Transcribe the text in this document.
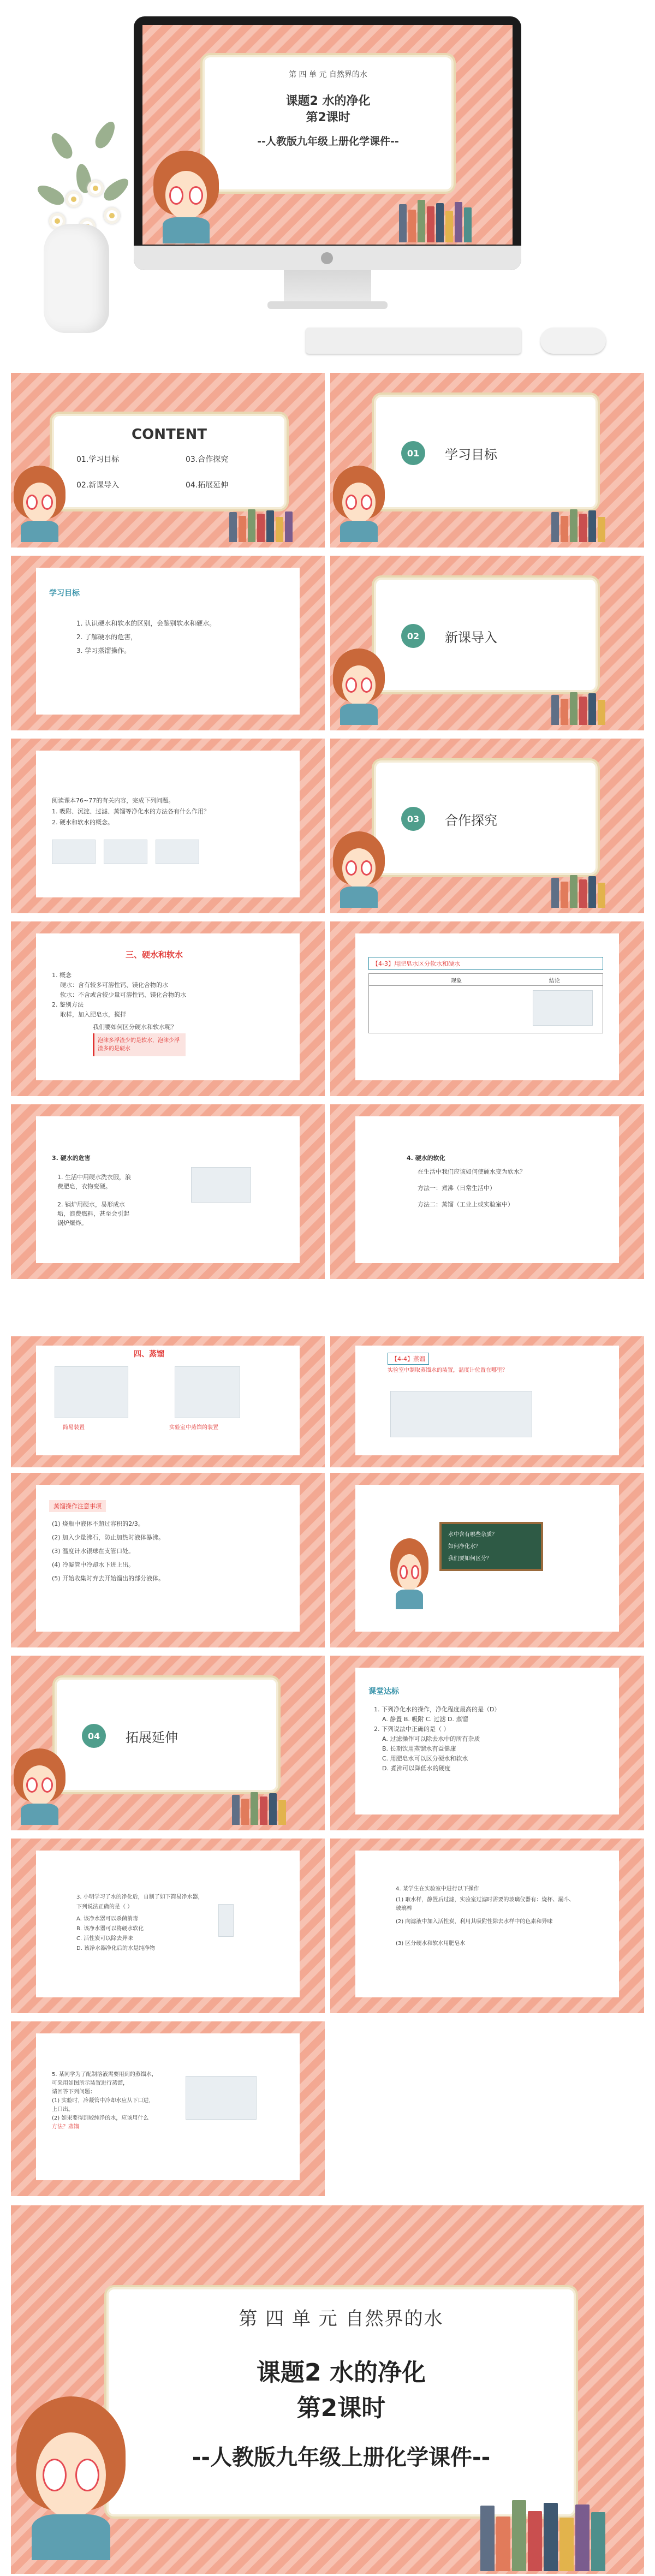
第 四 单 元 自然界的水
课题2 水的净化
第2课时
--人教版九年级上册化学课件--
CONTENT
01.学习目标	03.合作探究
02.新课导入	04.拓展延伸
01	学习目标
学习目标
1. 认识硬水和软水的区别，会鉴别软水和硬水。
2. 了解硬水的危害，
3. 学习蒸馏操作。
02	新课导入
阅读课本76~77的有关内容，完成下列问题。
1. 吸附、沉淀、过滤、蒸馏等净化水的方法各有什么作用？
2. 硬水和软水的概念。	03	合作探究
三、硬水和软水
1. 概念
硬水：含有较多可溶性钙、镁化合物的水
软水：不含或含较少量可溶性钙、镁化合物的水
2. 鉴别方法
取样，加入肥皂水，搅拌
我们要如何区分硬水和软水呢？
泡沫多浮渣少的是软水，泡沫少浮渣多的是硬水
【4-3】用肥皂水区分软水和硬水
现象	结论
3. 硬水的危害
1. 生活中用硬水洗衣服，浪费肥皂，衣物变硬。
2. 锅炉用硬水，易形成水垢，浪费燃料，甚至会引起锅炉爆炸。
4. 硬水的软化
在生活中我们应该如何使硬水变为软水？
方法一：煮沸（日常生活中）
方法二：蒸馏（工业上或实验室中）
四、蒸馏
简易装置	实验室中蒸馏的装置
【4-4】蒸馏
实验室中制取蒸馏水的装置，温度计位置在哪里？
蒸馏操作注意事项
(1) 烧瓶中液体不超过容积的2/3。
(2) 加入少量沸石，防止加热时液体暴沸。
(3) 温度计水银球在支管口处。
(4) 冷凝管中冷却水下进上出。
(5) 开始收集时弃去开始馏出的部分液体。
水中含有哪些杂质？
如何净化水？
我们要如何区分？
04	拓展延伸
课堂达标
1. 下列净化水的操作，净化程度最高的是（D）
A. 静置 B. 吸附 C. 过滤 D. 蒸馏
2. 下列说法中正确的是（ ）
A. 过滤操作可以除去水中的所有杂质
B. 长期饮用蒸馏水有益健康
C. 用肥皂水可以区分硬水和软水
D. 煮沸可以降低水的硬度
3. 小明学习了水的净化后，自制了如下简易净水器，
下列说法正确的是（ ）
A. 该净水器可以杀菌消毒
B. 该净水器可以将硬水软化
C. 活性炭可以除去异味
D. 该净水器净化后的水是纯净物
4. 某学生在实验室中进行以下操作
(1) 取水样，静置后过滤，实验室过滤时需要的玻璃仪器有：烧杯、漏斗、玻璃棒
(2) 向滤液中加入活性炭，利用其吸附性除去水样中的色素和异味
(3) 区分硬水和软水用肥皂水
5. 某同学为了配制溶液需要用到的蒸馏水，
可采用如图所示装置进行蒸馏，
请回答下列问题：
(1) 实验时，冷凝管中冷却水应从下口进，
上口出。
(2) 如果要得到较纯净的水，应该用什么
方法？蒸馏
第 四 单 元 自然界的水
课题2 水的净化
第2课时
--人教版九年级上册化学课件--
